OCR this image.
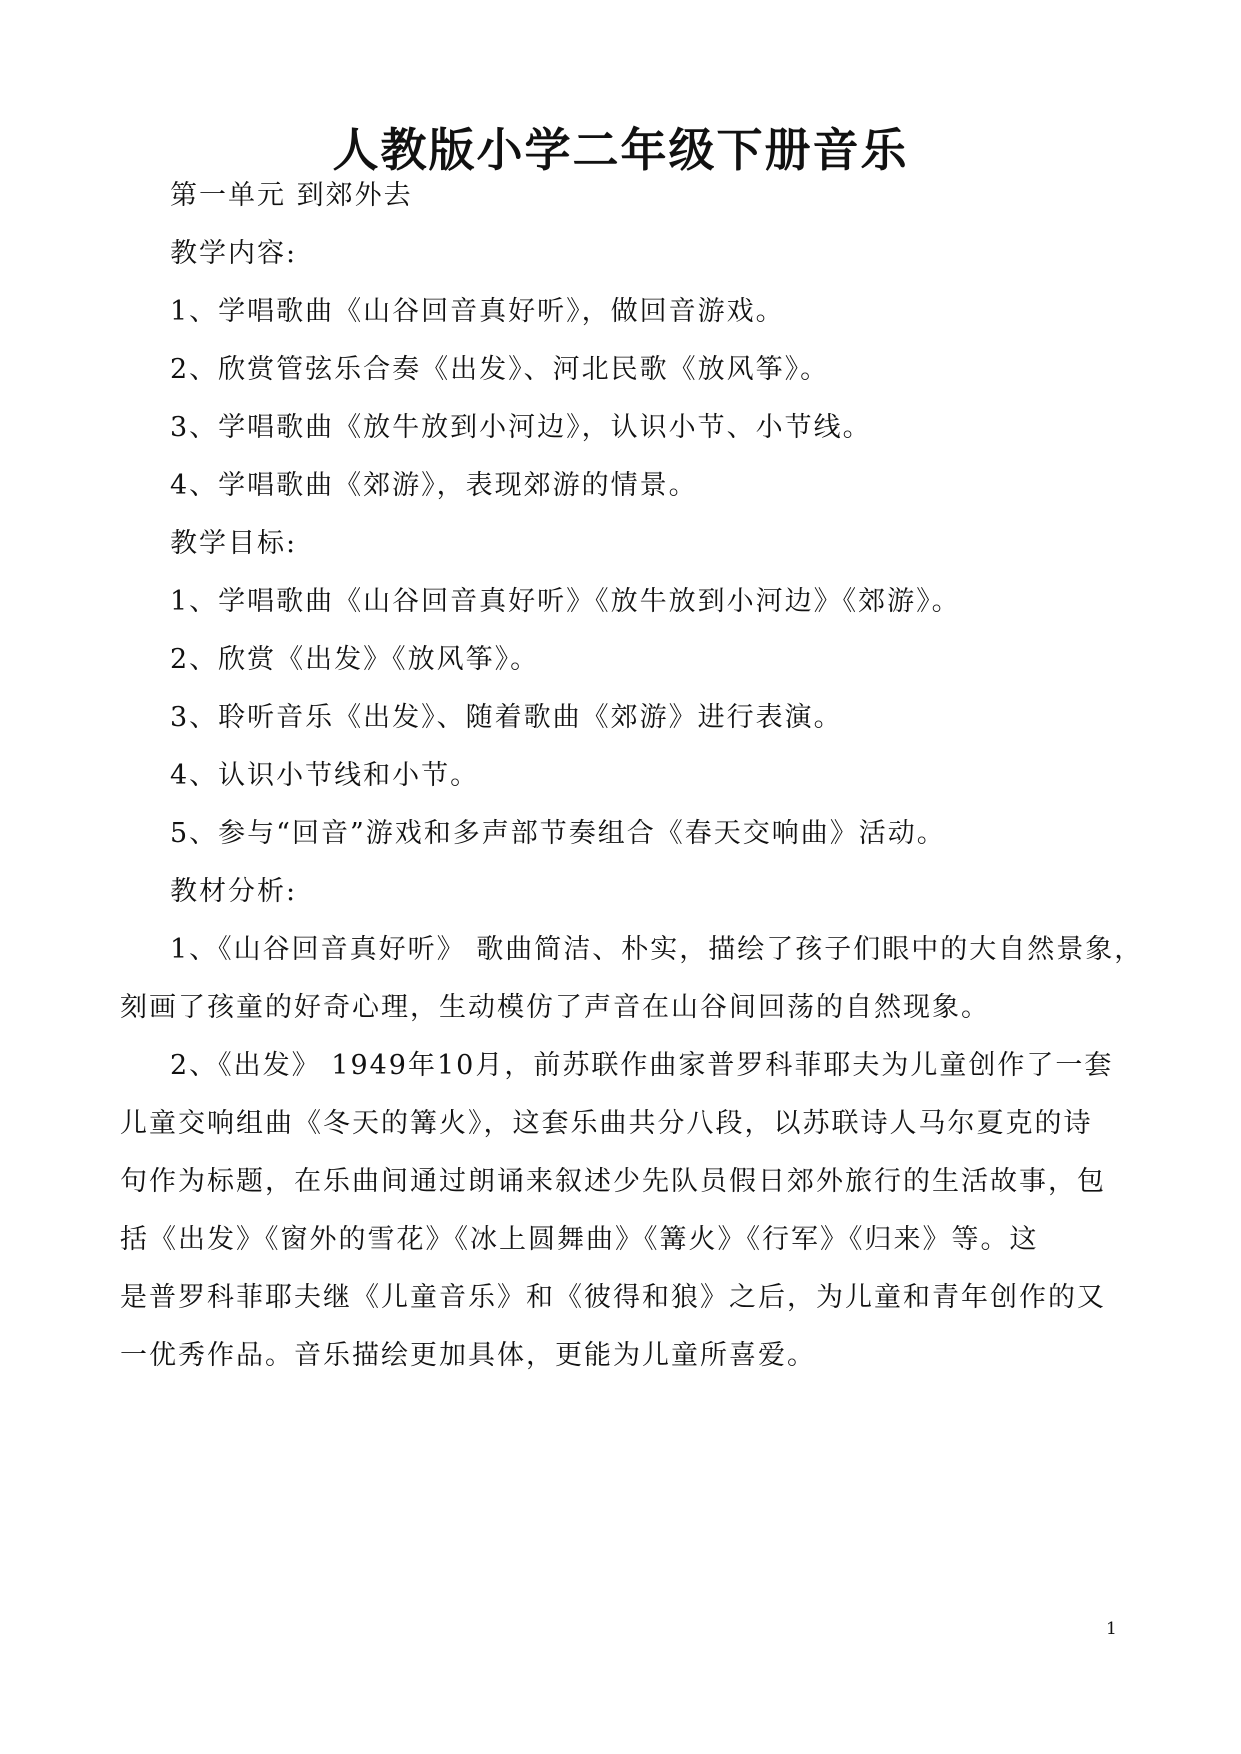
人教版小学二年级下册音乐
第一单元 到郊外去
教学内容:
1、学唱歌曲《山谷回音真好听》，做回音游戏。
2、欣赏管弦乐合奏《出发》、河北民歌《放风筝》。
3、学唱歌曲《放牛放到小河边》，认识小节、小节线。
4、学唱歌曲《郊游》，表现郊游的情景。
教学目标:
1、学唱歌曲《山谷回音真好听》《放牛放到小河边》《郊游》。
2、欣赏《出发》《放风筝》。
3、聆听音乐《出发》、随着歌曲《郊游》进行表演。
4、认识小节线和小节。
5、参与“回音”游戏和多声部节奏组合《春天交响曲》活动。
教材分析:
1、《山谷回音真好听》 歌曲简洁、朴实，描绘了孩子们眼中的大自然景象，
刻画了孩童的好奇心理，生动模仿了声音在山谷间回荡的自然现象。
2、《出发》 1949年10月，前苏联作曲家普罗科菲耶夫为儿童创作了一套
儿童交响组曲《冬天的篝火》，这套乐曲共分八段，以苏联诗人马尔夏克的诗
句作为标题，在乐曲间通过朗诵来叙述少先队员假日郊外旅行的生活故事，包
括《出发》《窗外的雪花》《冰上圆舞曲》《篝火》《行军》《归来》等。这
是普罗科菲耶夫继《儿童音乐》和《彼得和狼》之后，为儿童和青年创作的又
一优秀作品。音乐描绘更加具体，更能为儿童所喜爱。
1
